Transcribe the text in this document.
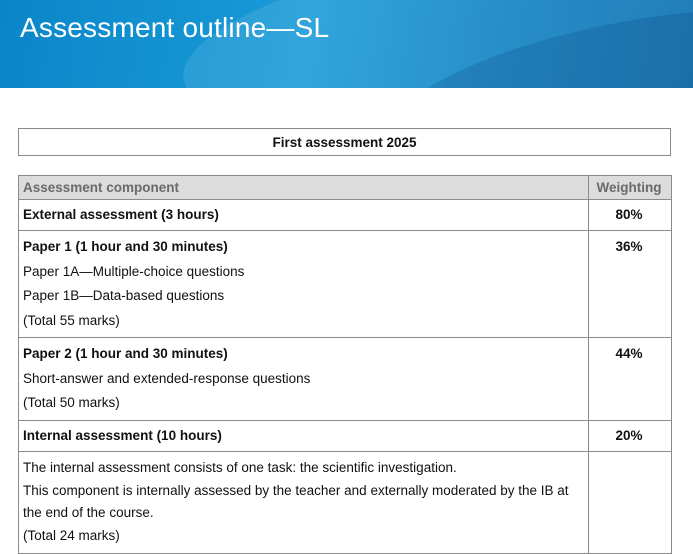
Assessment outline—SL
First assessment 2025
Assessment component	Weighting

External assessment (3 hours)	80%

Paper 1 (1 hour and 30 minutes)
Paper 1A—Multiple-choice questions
Paper 1B—Data-based questions
(Total 55 marks)	36%

Paper 2 (1 hour and 30 minutes)
Short-answer and extended-response questions
(Total 50 marks)	44%

Internal assessment (10 hours)	20%

The internal assessment consists of one task: the scientific investigation.
This component is internally assessed by the teacher and externally moderated by the IB at the end of the course.
(Total 24 marks)	
